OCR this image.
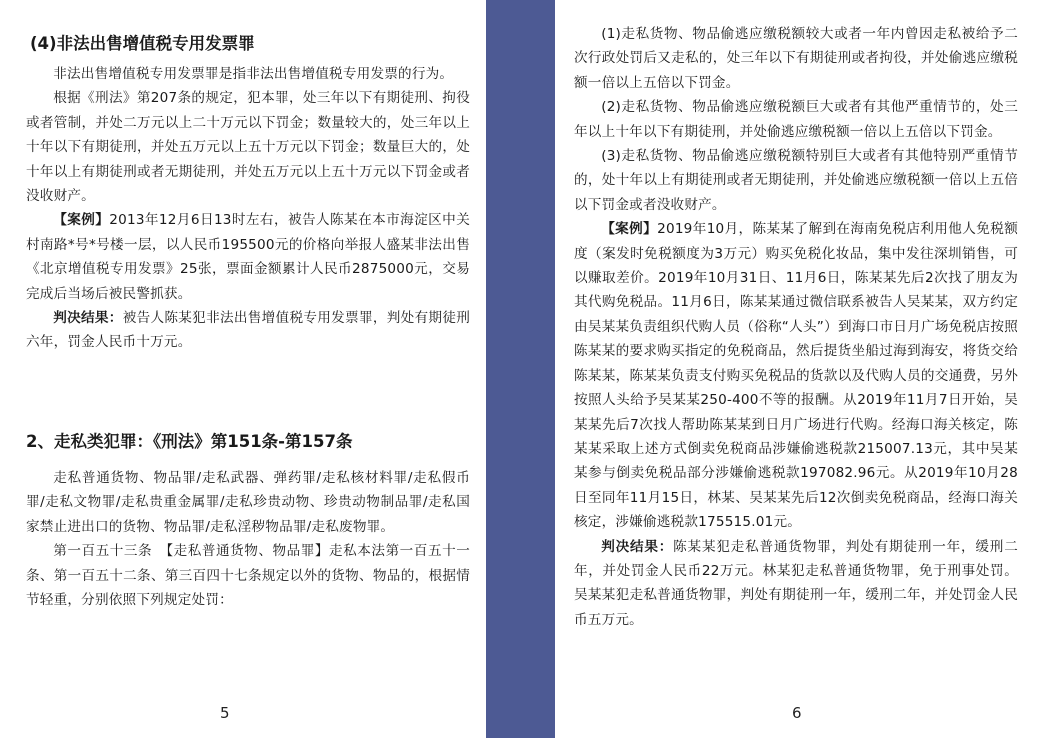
(4)非法出售增值税专用发票罪

非法出售增值税专用发票罪是指非法出售增值税专用发票的行为。

根据《刑法》第207条的规定，犯本罪，处三年以下有期徒刑、拘役或者管制，并处二万元以上二十万元以下罚金；数量较大的，处三年以上十年以下有期徒刑，并处五万元以上五十万元以下罚金；数量巨大的，处十年以上有期徒刑或者无期徒刑，并处五万元以上五十万元以下罚金或者没收财产。

【案例】2013年12月6日13时左右，被告人陈某在本市海淀区中关村南路*号*号楼一层，以人民币195500元的价格向举报人盛某非法出售《北京增值税专用发票》25张，票面金额累计人民币2875000元，交易完成后当场后被民警抓获。

判决结果：被告人陈某犯非法出售增值税专用发票罪，判处有期徒刑六年，罚金人民币十万元。

2、走私类犯罪：《刑法》第151条-第157条

走私普通货物、物品罪/走私武器、弹药罪/走私核材料罪/走私假币罪/走私文物罪/走私贵重金属罪/走私珍贵动物、珍贵动物制品罪/走私国家禁止进出口的货物、物品罪/走私淫秽物品罪/走私废物罪。

第一百五十三条　【走私普通货物、物品罪】走私本法第一百五十一条、第一百五十二条、第三百四十七条规定以外的货物、物品的，根据情节轻重，分别依照下列规定处罚：

5

(1)走私货物、物品偷逃应缴税额较大或者一年内曾因走私被给予二次行政处罚后又走私的，处三年以下有期徒刑或者拘役，并处偷逃应缴税额一倍以上五倍以下罚金。

(2)走私货物、物品偷逃应缴税额巨大或者有其他严重情节的，处三年以上十年以下有期徒刑，并处偷逃应缴税额一倍以上五倍以下罚金。

(3)走私货物、物品偷逃应缴税额特别巨大或者有其他特别严重情节的，处十年以上有期徒刑或者无期徒刑，并处偷逃应缴税额一倍以上五倍以下罚金或者没收财产。

【案例】2019年10月，陈某某了解到在海南免税店利用他人免税额度（案发时免税额度为3万元）购买免税化妆品，集中发往深圳销售，可以赚取差价。2019年10月31日、11月6日，陈某某先后2次找了朋友为其代购免税品。11月6日，陈某某通过微信联系被告人吴某某，双方约定由吴某某负责组织代购人员（俗称“人头”）到海口市日月广场免税店按照陈某某的要求购买指定的免税商品，然后提货坐船过海到海安，将货交给陈某某，陈某某负责支付购买免税品的货款以及代购人员的交通费，另外按照人头给予吴某某250-400不等的报酬。从2019年11月7日开始，吴某某先后7次找人帮助陈某某到日月广场进行代购。经海口海关核定，陈某某采取上述方式倒卖免税商品涉嫌偷逃税款215007.13元，其中吴某某参与倒卖免税品部分涉嫌偷逃税款197082.96元。从2019年10月28日至同年11月15日，林某、吴某某先后12次倒卖免税商品，经海口海关核定，涉嫌偷逃税款175515.01元。

判决结果：陈某某犯走私普通货物罪，判处有期徒刑一年，缓刑二年，并处罚金人民币22万元。林某犯走私普通货物罪，免于刑事处罚。吴某某犯走私普通货物罪，判处有期徒刑一年，缓刑二年，并处罚金人民币五万元。

6
